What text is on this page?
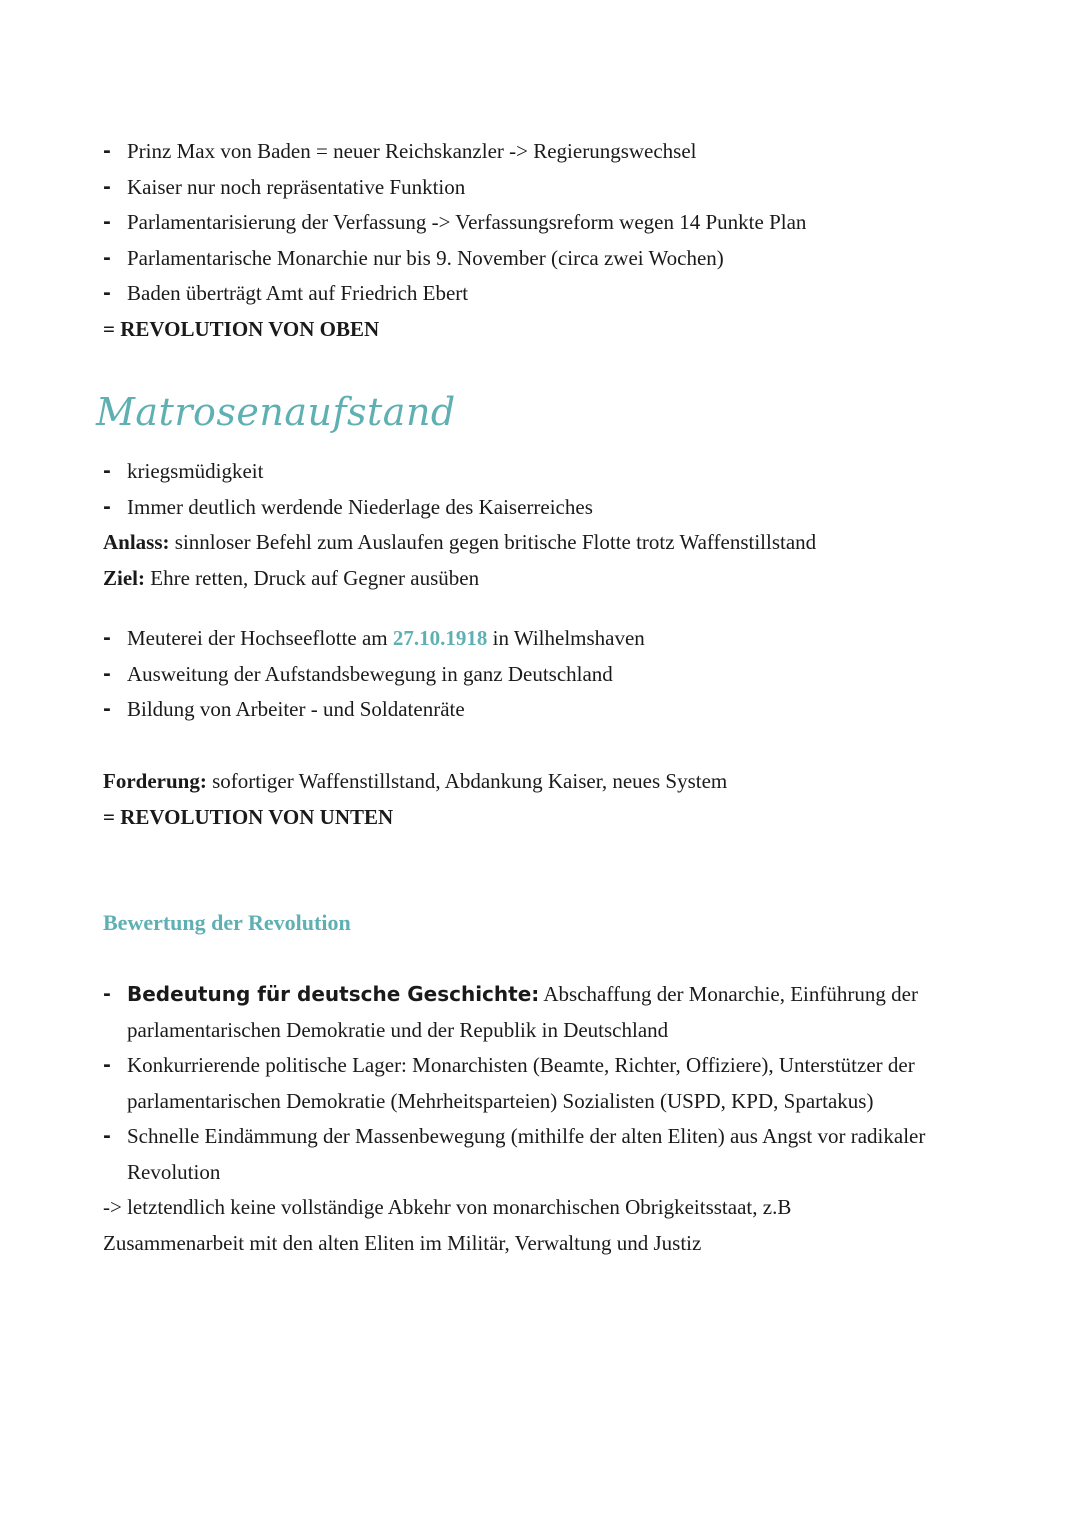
- Prinz Max von Baden = neuer Reichskanzler -> Regierungswechsel
- Kaiser nur noch repräsentative Funktion
- Parlamentarisierung der Verfassung -> Verfassungsreform wegen 14 Punkte Plan
- Parlamentarische Monarchie nur bis 9. November (circa zwei Wochen)
- Baden überträgt Amt auf Friedrich Ebert
= REVOLUTION VON OBEN
Matrosenaufstand
- kriegsmüdigkeit
- Immer deutlich werdende Niederlage des Kaiserreiches
Anlass: sinnloser Befehl zum Auslaufen gegen britische Flotte trotz Waffenstillstand
Ziel: Ehre retten, Druck auf Gegner ausüben
- Meuterei der Hochseeflotte am 27.10.1918 in Wilhelmshaven
- Ausweitung der Aufstandsbewegung in ganz Deutschland
- Bildung von Arbeiter - und Soldatenräte
Forderung: sofortiger Waffenstillstand, Abdankung Kaiser, neues System
= REVOLUTION VON UNTEN
Bewertung der Revolution
- Bedeutung für deutsche Geschichte: Abschaffung der Monarchie, Einführung der parlamentarischen Demokratie und der Republik in Deutschland
- Konkurrierende politische Lager: Monarchisten (Beamte, Richter, Offiziere), Unterstützer der parlamentarischen Demokratie (Mehrheitsparteien) Sozialisten (USPD, KPD, Spartakus)
- Schnelle Eindämmung der Massenbewegung (mithilfe der alten Eliten) aus Angst vor radikaler Revolution
-> letztendlich keine vollständige Abkehr von monarchischen Obrigkeitsstaat, z.B
Zusammenarbeit mit den alten Eliten im Militär, Verwaltung und Justiz
